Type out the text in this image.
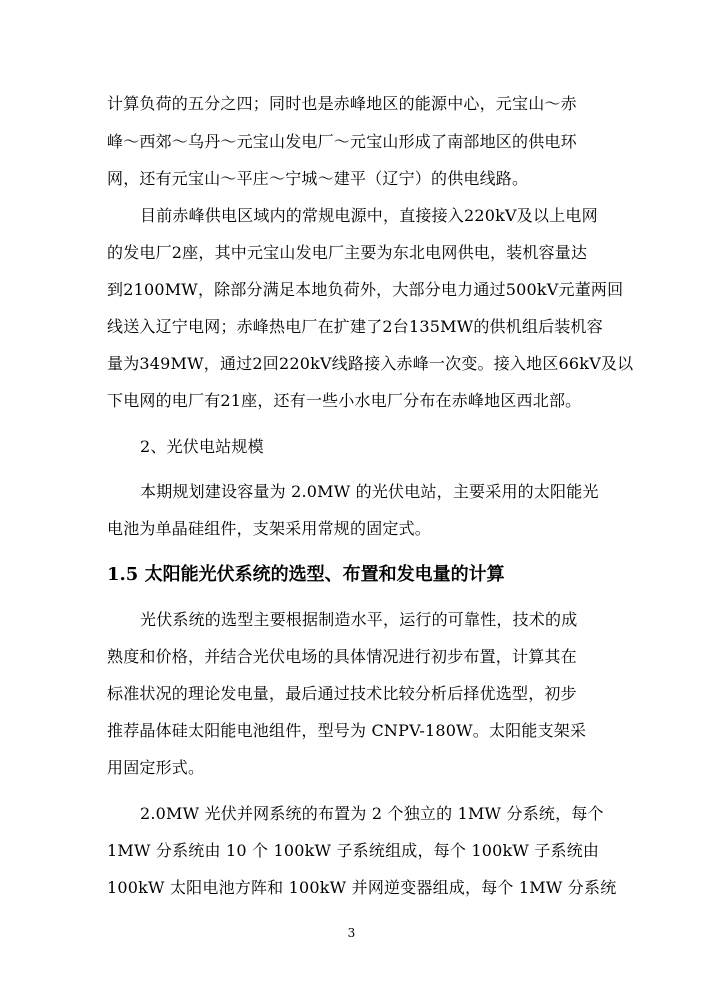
计算负荷的五分之四；同时也是赤峰地区的能源中心，元宝山～赤
峰～西郊～乌丹～元宝山发电厂～元宝山形成了南部地区的供电环
网，还有元宝山～平庄～宁城～建平（辽宁）的供电线路。
目前赤峰供电区域内的常规电源中，直接接入220kV及以上电网
的发电厂2座，其中元宝山发电厂主要为东北电网供电，装机容量达
到2100MW，除部分满足本地负荷外，大部分电力通过500kV元董两回
线送入辽宁电网；赤峰热电厂在扩建了2台135MW的供机组后装机容
量为349MW，通过2回220kV线路接入赤峰一次变。接入地区66kV及以
下电网的电厂有21座，还有一些小水电厂分布在赤峰地区西北部。
2、光伏电站规模
本期规划建设容量为 2.0MW 的光伏电站，主要采用的太阳能光
电池为单晶硅组件，支架采用常规的固定式。
1.5 太阳能光伏系统的选型、布置和发电量的计算
光伏系统的选型主要根据制造水平，运行的可靠性，技术的成
熟度和价格，并结合光伏电场的具体情况进行初步布置，计算其在
标准状况的理论发电量，最后通过技术比较分析后择优选型，初步
推荐晶体硅太阳能电池组件，型号为 CNPV-180W。太阳能支架采
用固定形式。
2.0MW 光伏并网系统的布置为 2 个独立的 1MW 分系统，每个
1MW 分系统由 10 个 100kW 子系统组成，每个 100kW 子系统由
100kW 太阳电池方阵和 100kW 并网逆变器组成，每个 1MW 分系统
3
